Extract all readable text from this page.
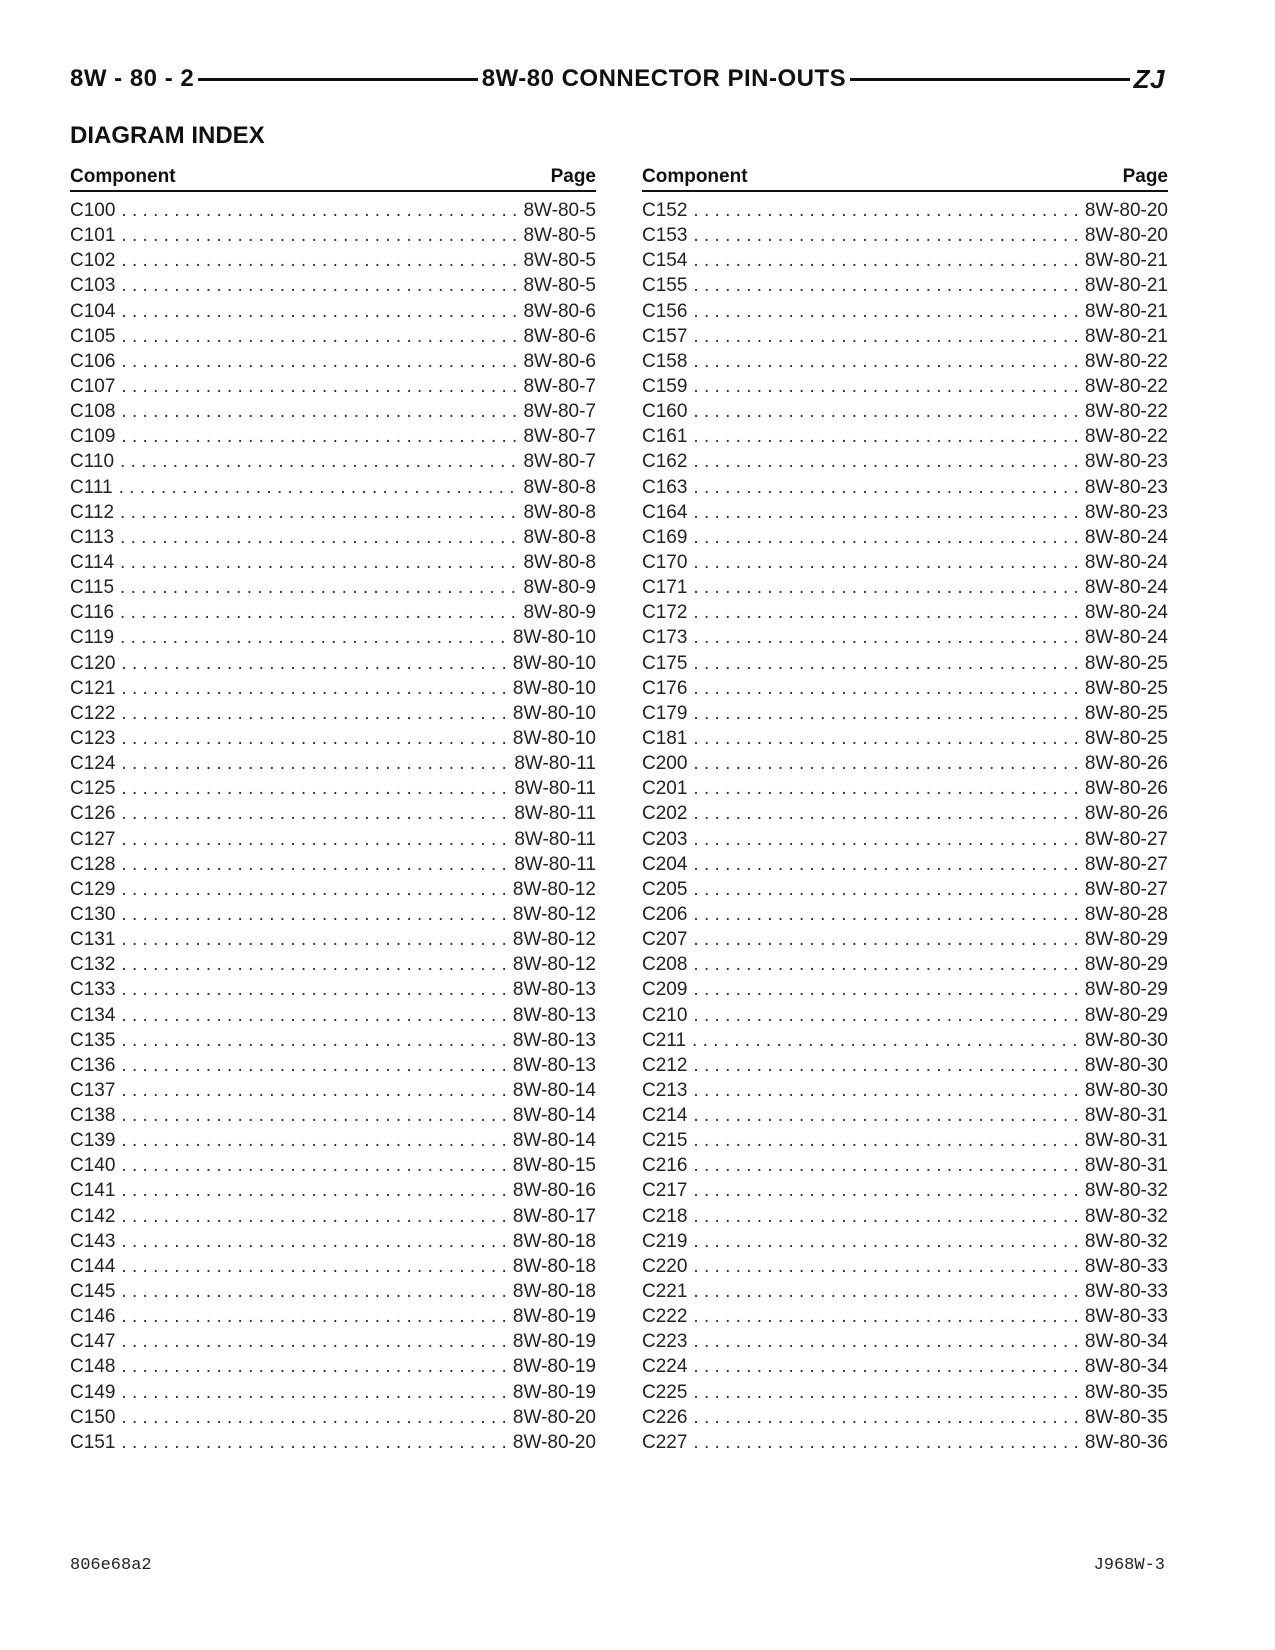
8W - 80 - 2	8W-80 CONNECTOR PIN-OUTS	ZJ
DIAGRAM INDEX
Component	Page
C100 . . .	8W-80-5
C101 . . .	8W-80-5
C102 . . .	8W-80-5
C103 . . .	8W-80-5
C104 . . .	8W-80-6
C105 . . .	8W-80-6
C106 . . .	8W-80-6
C107 . . .	8W-80-7
C108 . . .	8W-80-7
C109 . . .	8W-80-7
C110 . . .	8W-80-7
C111 . . .	8W-80-8
C112 . . .	8W-80-8
C113 . . .	8W-80-8
C114 . . .	8W-80-8
C115 . . .	8W-80-9
C116 . . .	8W-80-9
C119 . . .	8W-80-10
C120 . . .	8W-80-10
C121 . . .	8W-80-10
C122 . . .	8W-80-10
C123 . . .	8W-80-10
C124 . . .	8W-80-11
C125 . . .	8W-80-11
C126 . . .	8W-80-11
C127 . . .	8W-80-11
C128 . . .	8W-80-11
C129 . . .	8W-80-12
C130 . . .	8W-80-12
C131 . . .	8W-80-12
C132 . . .	8W-80-12
C133 . . .	8W-80-13
C134 . . .	8W-80-13
C135 . . .	8W-80-13
C136 . . .	8W-80-13
C137 . . .	8W-80-14
C138 . . .	8W-80-14
C139 . . .	8W-80-14
C140 . . .	8W-80-15
C141 . . .	8W-80-16
C142 . . .	8W-80-17
C143 . . .	8W-80-18
C144 . . .	8W-80-18
C145 . . .	8W-80-18
C146 . . .	8W-80-19
C147 . . .	8W-80-19
C148 . . .	8W-80-19
C149 . . .	8W-80-19
C150 . . .	8W-80-20
C151 . . .	8W-80-20
Component	Page
C152 . . .	8W-80-20
C153 . . .	8W-80-20
C154 . . .	8W-80-21
C155 . . .	8W-80-21
C156 . . .	8W-80-21
C157 . . .	8W-80-21
C158 . . .	8W-80-22
C159 . . .	8W-80-22
C160 . . .	8W-80-22
C161 . . .	8W-80-22
C162 . . .	8W-80-23
C163 . . .	8W-80-23
C164 . . .	8W-80-23
C169 . . .	8W-80-24
C170 . . .	8W-80-24
C171 . . .	8W-80-24
C172 . . .	8W-80-24
C173 . . .	8W-80-24
C175 . . .	8W-80-25
C176 . . .	8W-80-25
C179 . . .	8W-80-25
C181 . . .	8W-80-25
C200 . . .	8W-80-26
C201 . . .	8W-80-26
C202 . . .	8W-80-26
C203 . . .	8W-80-27
C204 . . .	8W-80-27
C205 . . .	8W-80-27
C206 . . .	8W-80-28
C207 . . .	8W-80-29
C208 . . .	8W-80-29
C209 . . .	8W-80-29
C210 . . .	8W-80-29
C211 . . .	8W-80-30
C212 . . .	8W-80-30
C213 . . .	8W-80-30
C214 . . .	8W-80-31
C215 . . .	8W-80-31
C216 . . .	8W-80-31
C217 . . .	8W-80-32
C218 . . .	8W-80-32
C219 . . .	8W-80-32
C220 . . .	8W-80-33
C221 . . .	8W-80-33
C222 . . .	8W-80-33
C223 . . .	8W-80-34
C224 . . .	8W-80-34
C225 . . .	8W-80-35
C226 . . .	8W-80-35
C227 . . .	8W-80-36
806e68a2	J968W-3
